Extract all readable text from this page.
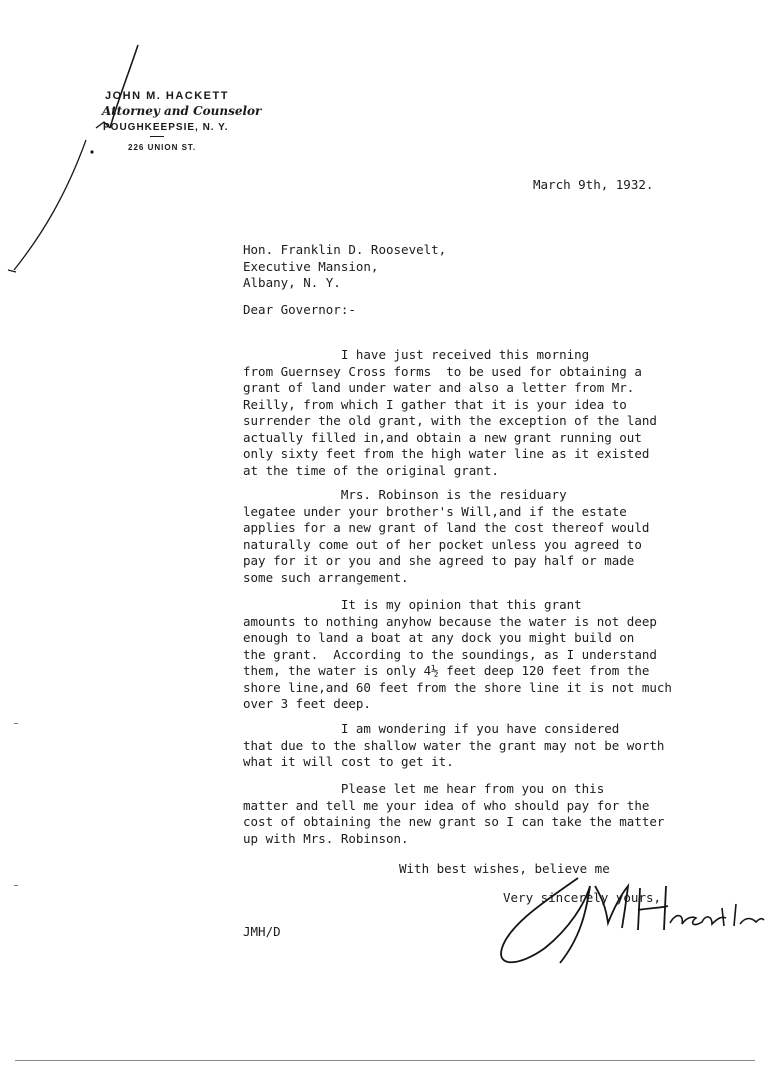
JOHN M. HACKETT

Attorney and Counselor

POUGHKEEPSIE, N. Y.

226 UNION ST.

March 9th, 1932.

Hon. Franklin D. Roosevelt,
Executive Mansion,
Albany, N. Y.

Dear Governor:-

I have just received this morning
from Guernsey Cross forms  to be used for obtaining a
grant of land under water and also a letter from Mr.
Reilly, from which I gather that it is your idea to
surrender the old grant, with the exception of the land
actually filled in,and obtain a new grant running out
only sixty feet from the high water line as it existed
at the time of the original grant.

Mrs. Robinson is the residuary
legatee under your brother's Will,and if the estate
applies for a new grant of land the cost thereof would
naturally come out of her pocket unless you agreed to
pay for it or you and she agreed to pay half or made
some such arrangement.

It is my opinion that this grant
amounts to nothing anyhow because the water is not deep
enough to land a boat at any dock you might build on
the grant.  According to the soundings, as I understand
them, the water is only 4½ feet deep 120 feet from the
shore line,and 60 feet from the shore line it is not much
over 3 feet deep.

I am wondering if you have considered
that due to the shallow water the grant may not be worth
what it will cost to get it.

Please let me hear from you on this
matter and tell me your idea of who should pay for the
cost of obtaining the new grant so I can take the matter
up with Mrs. Robinson.

With best wishes, believe me

Very sincerely yours,

JMH/D
